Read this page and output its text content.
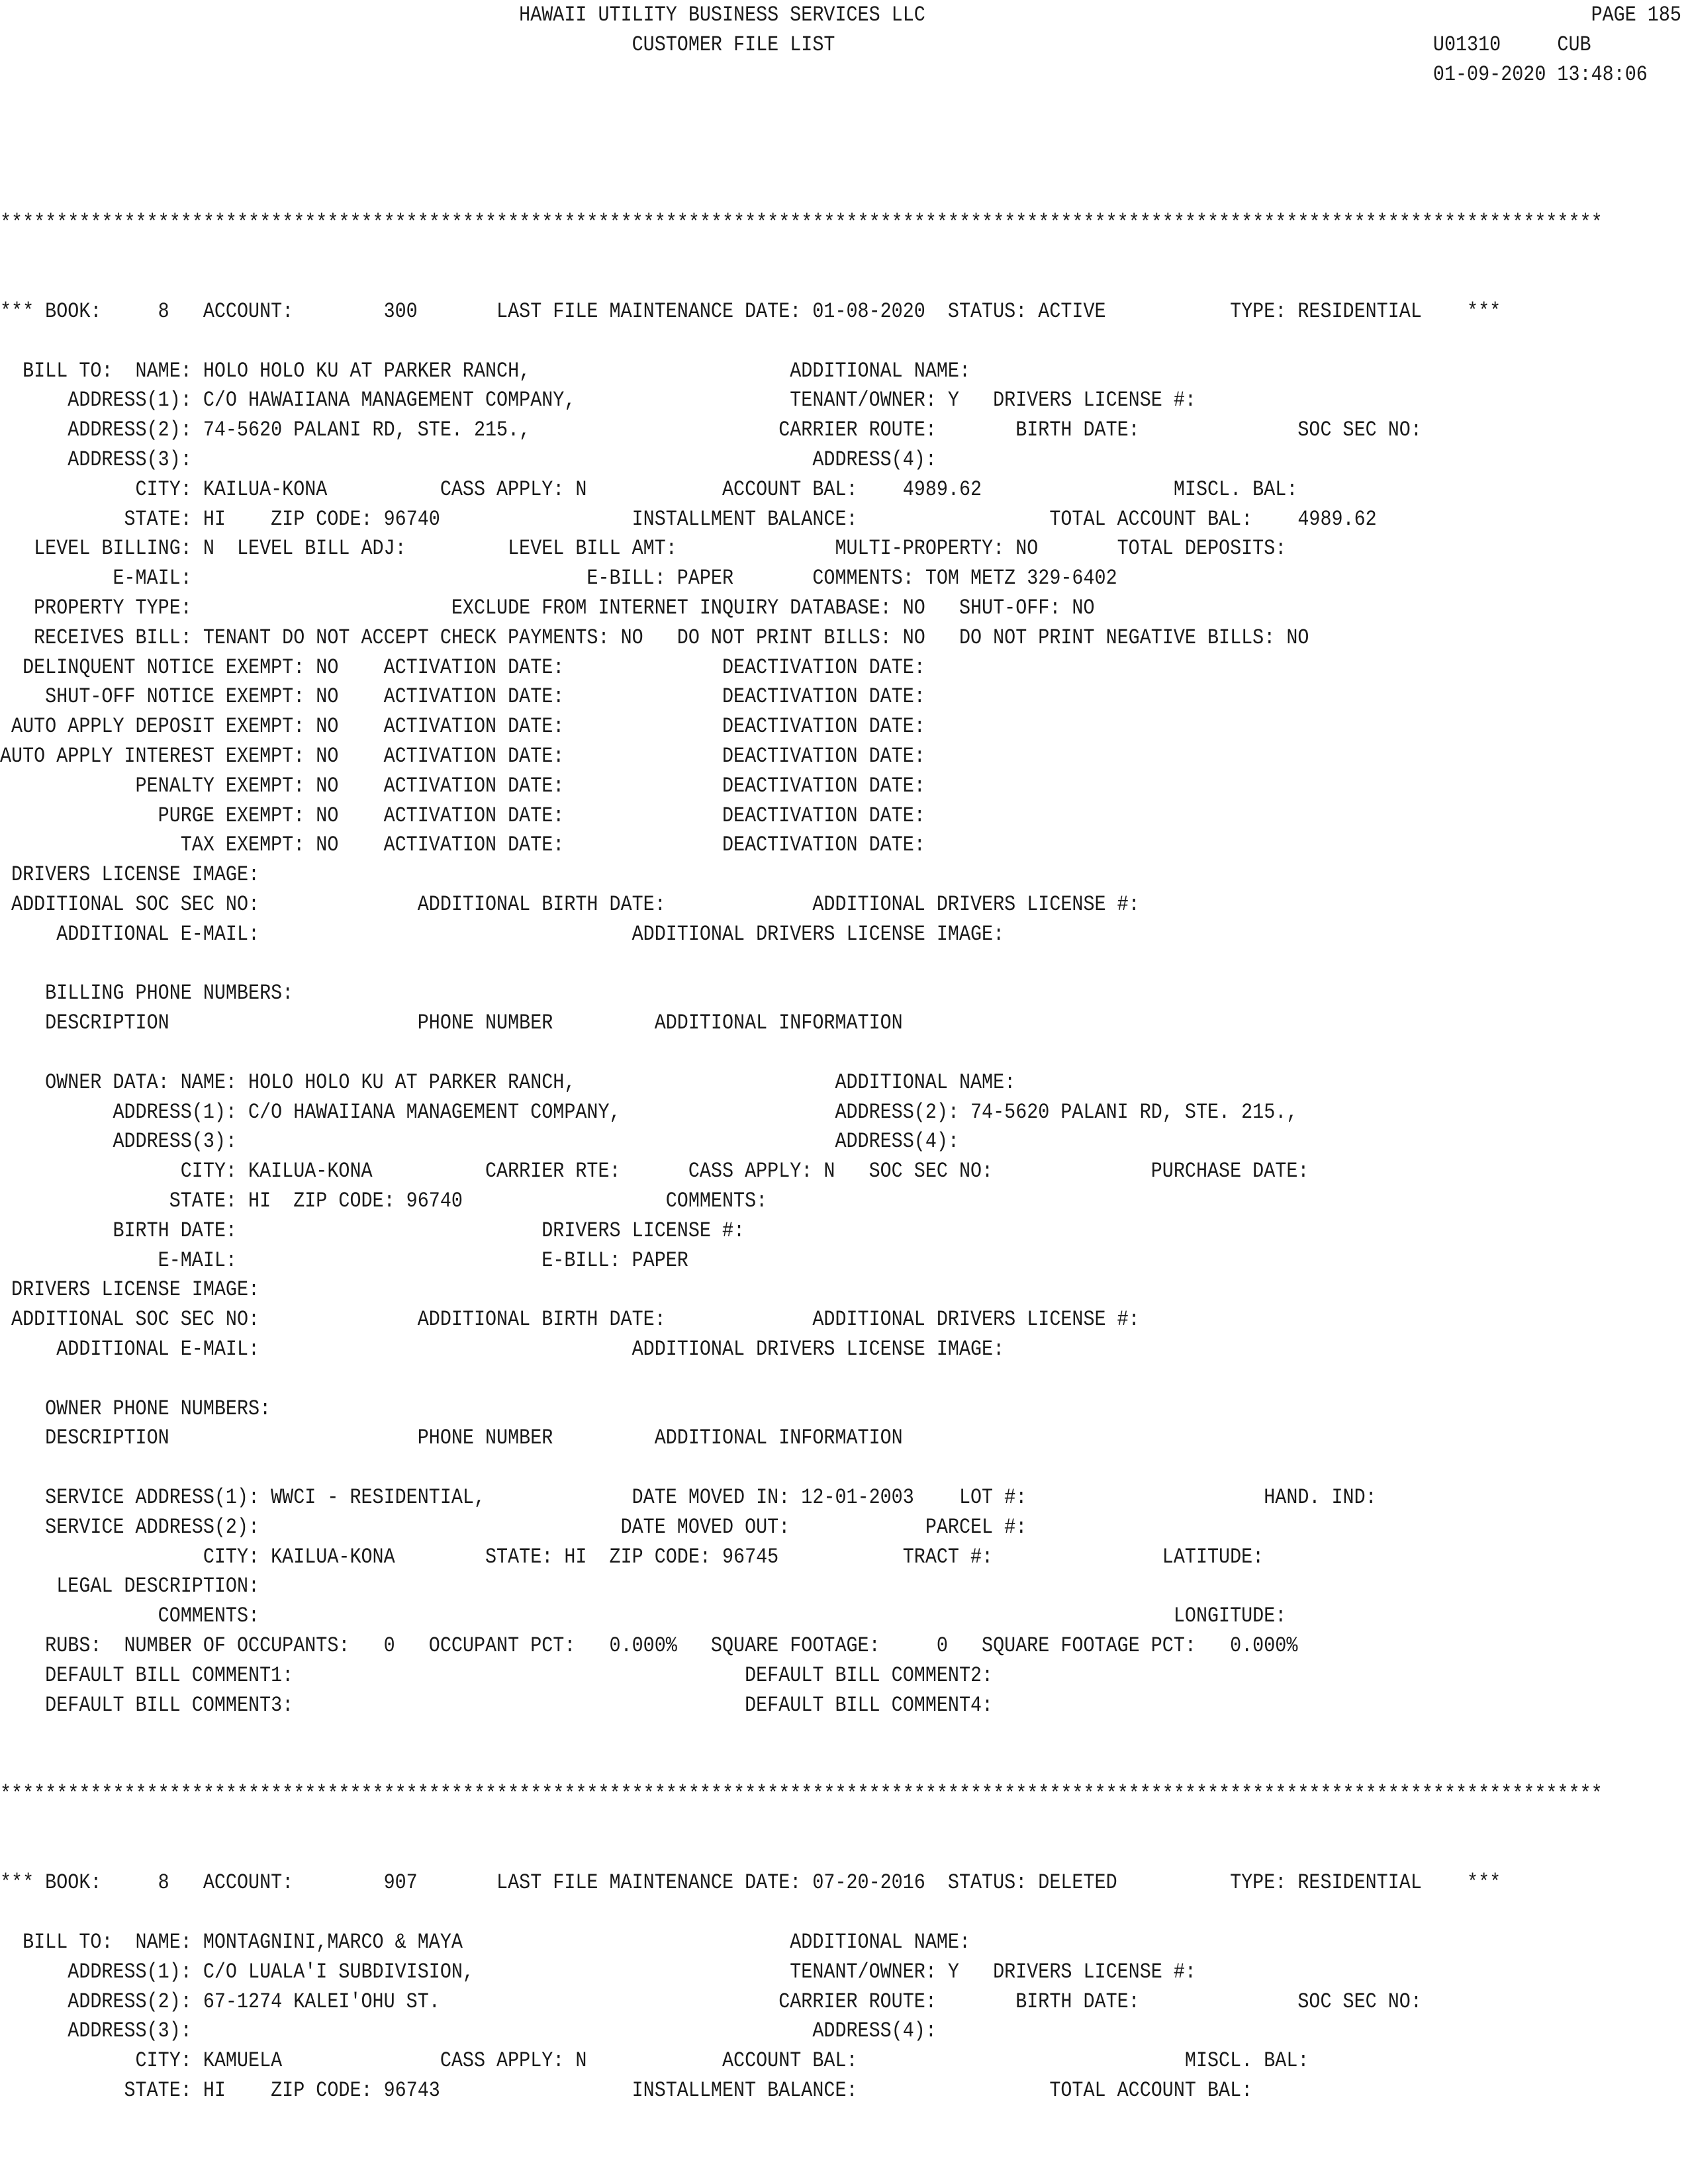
HAWAII UTILITY BUSINESS SERVICES LLC                                                           PAGE 185
CUSTOMER FILE LIST                                                     U01310     CUB
01-09-2020 13:48:06
**********************************************************************************************************************************************
*** BOOK:     8   ACCOUNT:        300       LAST FILE MAINTENANCE DATE: 01-08-2020  STATUS: ACTIVE           TYPE: RESIDENTIAL    ***
BILL TO:  NAME: HOLO HOLO KU AT PARKER RANCH,                       ADDITIONAL NAME:
ADDRESS(1): C/O HAWAIIANA MANAGEMENT COMPANY,                   TENANT/OWNER: Y   DRIVERS LICENSE #:
ADDRESS(2): 74-5620 PALANI RD, STE. 215.,                      CARRIER ROUTE:       BIRTH DATE:              SOC SEC NO:
ADDRESS(3):                                                       ADDRESS(4):
CITY: KAILUA-KONA          CASS APPLY: N            ACCOUNT BAL:    4989.62                 MISCL. BAL:
STATE: HI    ZIP CODE: 96740                 INSTALLMENT BALANCE:                 TOTAL ACCOUNT BAL:    4989.62
LEVEL BILLING: N  LEVEL BILL ADJ:         LEVEL BILL AMT:              MULTI-PROPERTY: NO       TOTAL DEPOSITS:
E-MAIL:                                   E-BILL: PAPER       COMMENTS: TOM METZ 329-6402
PROPERTY TYPE:                       EXCLUDE FROM INTERNET INQUIRY DATABASE: NO   SHUT-OFF: NO
RECEIVES BILL: TENANT DO NOT ACCEPT CHECK PAYMENTS: NO   DO NOT PRINT BILLS: NO   DO NOT PRINT NEGATIVE BILLS: NO
DELINQUENT NOTICE EXEMPT: NO    ACTIVATION DATE:              DEACTIVATION DATE:
SHUT-OFF NOTICE EXEMPT: NO    ACTIVATION DATE:              DEACTIVATION DATE:
AUTO APPLY DEPOSIT EXEMPT: NO    ACTIVATION DATE:              DEACTIVATION DATE:
AUTO APPLY INTEREST EXEMPT: NO    ACTIVATION DATE:              DEACTIVATION DATE:
PENALTY EXEMPT: NO    ACTIVATION DATE:              DEACTIVATION DATE:
PURGE EXEMPT: NO    ACTIVATION DATE:              DEACTIVATION DATE:
TAX EXEMPT: NO    ACTIVATION DATE:              DEACTIVATION DATE:
DRIVERS LICENSE IMAGE:
ADDITIONAL SOC SEC NO:              ADDITIONAL BIRTH DATE:             ADDITIONAL DRIVERS LICENSE #:
ADDITIONAL E-MAIL:                                 ADDITIONAL DRIVERS LICENSE IMAGE:
BILLING PHONE NUMBERS:
DESCRIPTION                      PHONE NUMBER         ADDITIONAL INFORMATION
OWNER DATA: NAME: HOLO HOLO KU AT PARKER RANCH,                       ADDITIONAL NAME:
ADDRESS(1): C/O HAWAIIANA MANAGEMENT COMPANY,                   ADDRESS(2): 74-5620 PALANI RD, STE. 215.,
ADDRESS(3):                                                     ADDRESS(4):
CITY: KAILUA-KONA          CARRIER RTE:      CASS APPLY: N   SOC SEC NO:              PURCHASE DATE:
STATE: HI  ZIP CODE: 96740                  COMMENTS:
BIRTH DATE:                           DRIVERS LICENSE #:
E-MAIL:                           E-BILL: PAPER
DRIVERS LICENSE IMAGE:
ADDITIONAL SOC SEC NO:              ADDITIONAL BIRTH DATE:             ADDITIONAL DRIVERS LICENSE #:
ADDITIONAL E-MAIL:                                 ADDITIONAL DRIVERS LICENSE IMAGE:
OWNER PHONE NUMBERS:
DESCRIPTION                      PHONE NUMBER         ADDITIONAL INFORMATION
SERVICE ADDRESS(1): WWCI - RESIDENTIAL,             DATE MOVED IN: 12-01-2003    LOT #:                     HAND. IND:
SERVICE ADDRESS(2):                                DATE MOVED OUT:            PARCEL #:
CITY: KAILUA-KONA        STATE: HI  ZIP CODE: 96745           TRACT #:               LATITUDE:
LEGAL DESCRIPTION:
COMMENTS:                                                                                 LONGITUDE:
RUBS:  NUMBER OF OCCUPANTS:   0   OCCUPANT PCT:   0.000%   SQUARE FOOTAGE:     0   SQUARE FOOTAGE PCT:   0.000%
DEFAULT BILL COMMENT1:                                        DEFAULT BILL COMMENT2:
DEFAULT BILL COMMENT3:                                        DEFAULT BILL COMMENT4:
**********************************************************************************************************************************************
*** BOOK:     8   ACCOUNT:        907       LAST FILE MAINTENANCE DATE: 07-20-2016  STATUS: DELETED          TYPE: RESIDENTIAL    ***
BILL TO:  NAME: MONTAGNINI,MARCO & MAYA                             ADDITIONAL NAME:
ADDRESS(1): C/O LUALA'I SUBDIVISION,                            TENANT/OWNER: Y   DRIVERS LICENSE #:
ADDRESS(2): 67-1274 KALEI'OHU ST.                              CARRIER ROUTE:       BIRTH DATE:              SOC SEC NO:
ADDRESS(3):                                                       ADDRESS(4):
CITY: KAMUELA              CASS APPLY: N            ACCOUNT BAL:                             MISCL. BAL:
STATE: HI    ZIP CODE: 96743                 INSTALLMENT BALANCE:                 TOTAL ACCOUNT BAL:
